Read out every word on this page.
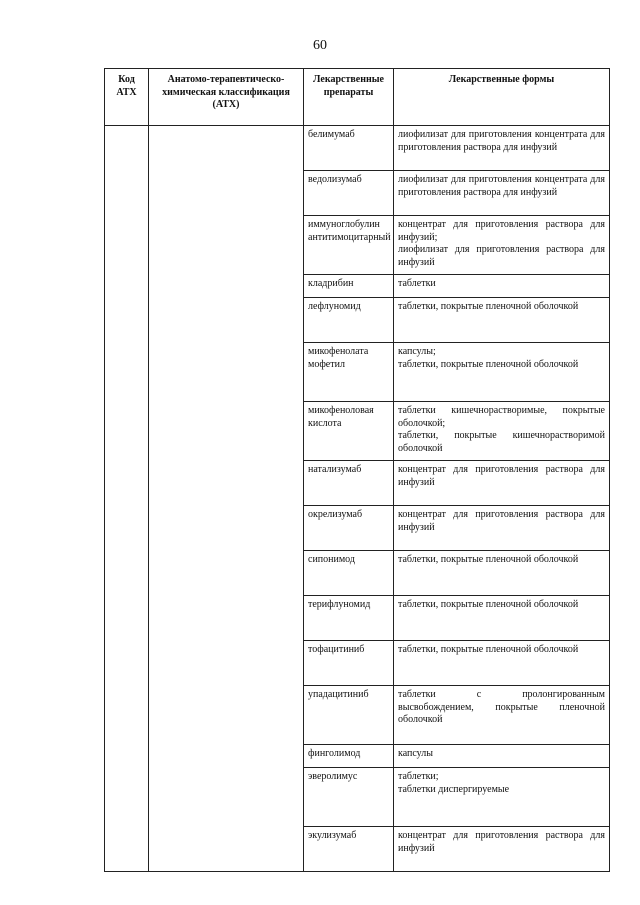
60
Код АТХ	Анатомо-терапевтическо-химическая классификация (АТХ)	Лекарственные препараты	Лекарственные формы
		белимумаб	лиофилизат для приготовления концентрата для приготовления раствора для инфузий

		ведолизумаб	лиофилизат для приготовления концентрата для приготовления раствора для инфузий

		иммуноглобулин антитимоцитарный	концентрат для приготовления раствора для инфузий;
лиофилизат для приготовления раствора для инфузий

		кладрибин	таблетки

		лефлуномид	таблетки, покрытые пленочной оболочкой

		микофенолата мофетил	капсулы;
таблетки, покрытые пленочной оболочкой

		микофеноловая кислота	таблетки кишечнорастворимые, покрытые оболочкой;
таблетки, покрытые кишечнорастворимой оболочкой

		натализумаб	концентрат для приготовления раствора для инфузий

		окрелизумаб	концентрат для приготовления раствора для инфузий

		сипонимод	таблетки, покрытые пленочной оболочкой

		терифлуномид	таблетки, покрытые пленочной оболочкой

		тофацитиниб	таблетки, покрытые пленочной оболочкой

		упадацитиниб	таблетки с пролонгированным высвобождением, покрытые пленочной оболочкой

		финголимод	капсулы

		эверолимус	таблетки;
таблетки диспергируемые

		экулизумаб	концентрат для приготовления раствора для инфузий
